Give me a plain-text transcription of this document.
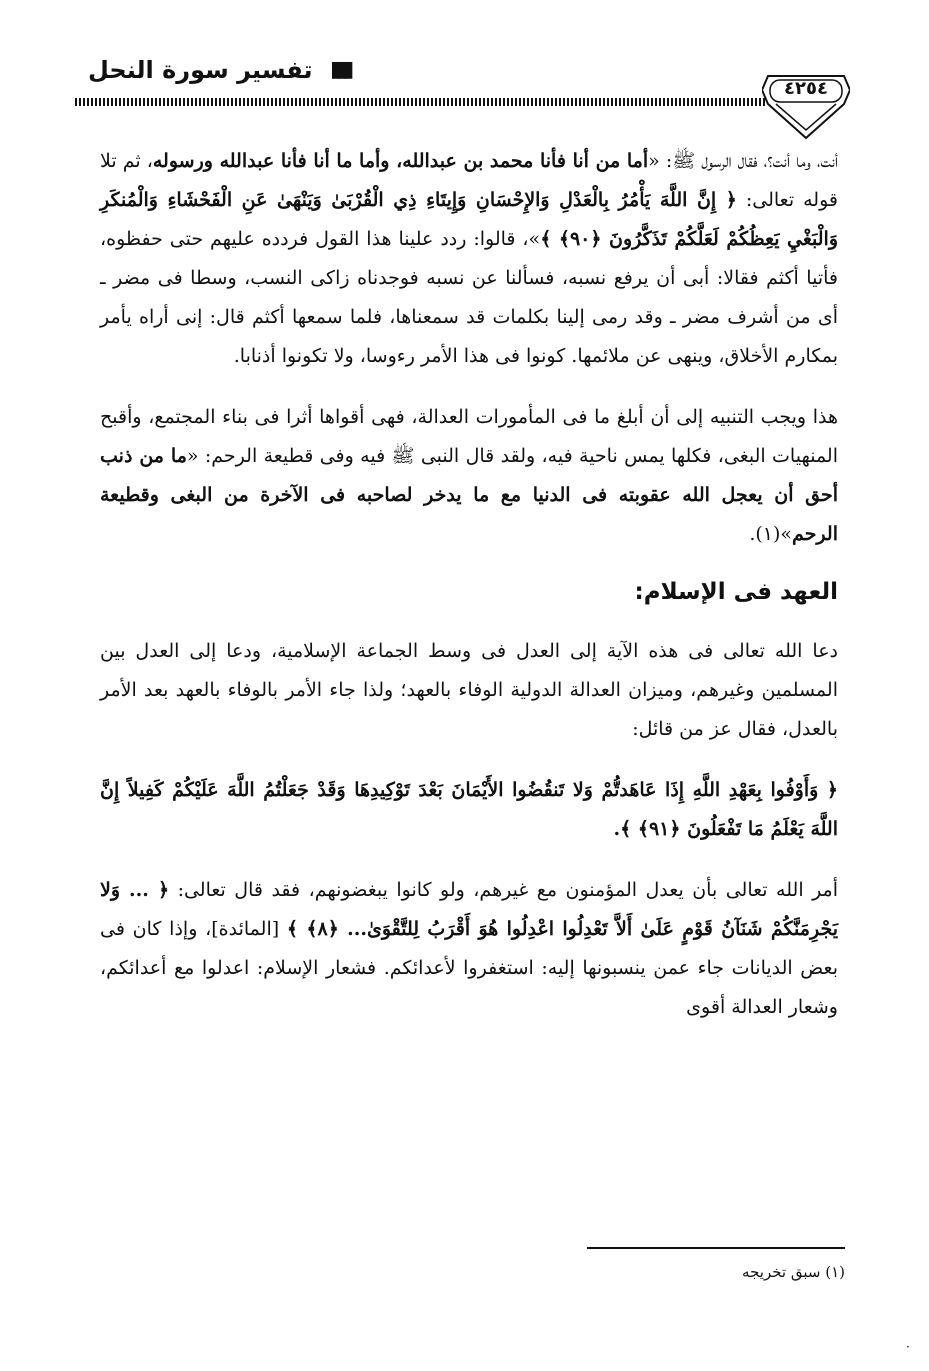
تفسير سورة النحل ▮▮▮
٤٢٥٤

أنت، وما أنت؟، فقال الرسول ﷺ: «أما من أنا فأنا محمد بن عبدالله، وأما ما أنا فأنا عبدالله ورسوله، ثم تلا قوله تعالى: ﴿ إِنَّ اللَّهَ يَأْمُرُ بِالْعَدْلِ وَالإِحْسَانِ وَإِيتَاءِ ذِي الْقُرْبَىٰ وَيَنْهَىٰ عَنِ الْفَحْشَاءِ وَالْمُنكَرِ وَالْبَغْيِ يَعِظُكُمْ لَعَلَّكُمْ تَذَكَّرُونَ ﴿٩٠﴾ ﴾»، قالوا: ردد علينا هذا القول فردده عليهم حتى حفظوه، فأتيا أكثم فقالا: أبى أن يرفع نسبه، فسألنا عن نسبه فوجدناه زاكى النسب، وسطا فى مضر ـ أى من أشرف مضر ـ وقد رمى إلينا بكلمات قد سمعناها، فلما سمعها أكثم قال: إنى أراه يأمر بمكارم الأخلاق، وينهى عن ملائمها. كونوا فى هذا الأمر رءوسا، ولا تكونوا أذنابا.

هذا ويجب التنبيه إلى أن أبلغ ما فى المأمورات العدالة، فهى أقواها أثرا فى بناء المجتمع، وأقبح المنهيات البغى، فكلها يمس ناحية فيه، ولقد قال النبى ﷺ فيه وفى قطيعة الرحم: «ما من ذنب أحق أن يعجل الله عقوبته فى الدنيا مع ما يدخر لصاحبه فى الآخرة من البغى وقطيعة الرحم»(١).

العهد فى الإسلام:

دعا الله تعالى فى هذه الآية إلى العدل فى وسط الجماعة الإسلامية، ودعا إلى العدل بين المسلمين وغيرهم، وميزان العدالة الدولية الوفاء بالعهد؛ ولذا جاء الأمر بالوفاء بالعهد بعد الأمر بالعدل، فقال عز من قائل:

﴿ وَأَوْفُوا بِعَهْدِ اللَّهِ إِذَا عَاهَدتُّمْ وَلا تَنقُضُوا الأَيْمَانَ بَعْدَ تَوْكِيدِهَا وَقَدْ جَعَلْتُمُ اللَّهَ عَلَيْكُمْ كَفِيلاً إِنَّ اللَّهَ يَعْلَمُ مَا تَفْعَلُونَ ﴿٩١﴾ ﴾.

أمر الله تعالى بأن يعدل المؤمنون مع غيرهم، ولو كانوا يبغضونهم، فقد قال تعالى: ﴿ ... وَلا يَجْرِمَنَّكُمْ شَنَآنُ قَوْمٍ عَلَىٰ أَلاَّ تَعْدِلُوا اعْدِلُوا هُوَ أَقْرَبُ لِلتَّقْوَىٰ... ﴿٨﴾ ﴾ [المائدة]، وإذا كان فى بعض الديانات جاء عمن ينسبونها إليه: استغفروا لأعدائكم. فشعار الإسلام: اعدلوا مع أعدائكم، وشعار العدالة أقوى

(١) سبق تخريجه
·
